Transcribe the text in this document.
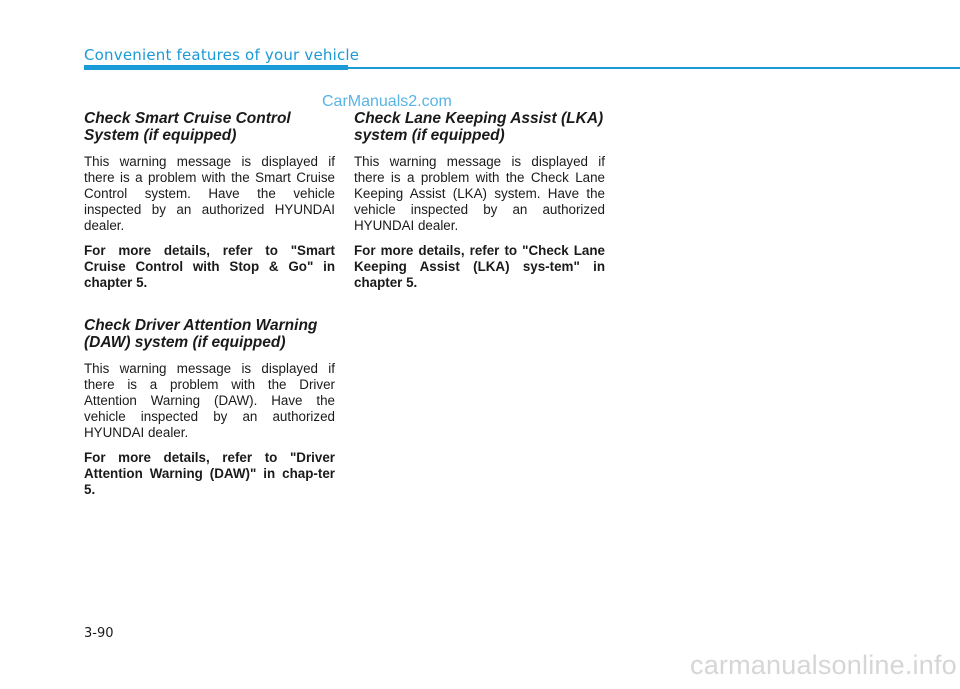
Convenient features of your vehicle
CarManuals2.com
Check Smart Cruise Control System (if equipped)

This warning message is displayed if there is a problem with the Smart Cruise Control system. Have the vehicle inspected by an authorized HYUNDAI dealer.

For more details, refer to "Smart Cruise Control with Stop & Go" in chapter 5.

Check Driver Attention Warning (DAW) system (if equipped)

This warning message is displayed if there is a problem with the Driver Attention Warning (DAW). Have the vehicle inspected by an authorized HYUNDAI dealer.

For more details, refer to "Driver Attention Warning (DAW)" in chap-ter 5.

Check Lane Keeping Assist (LKA) system (if equipped)

This warning message is displayed if there is a problem with the Check Lane Keeping Assist (LKA) system. Have the vehicle inspected by an authorized HYUNDAI dealer.

For more details, refer to "Check Lane Keeping Assist (LKA) sys-tem" in chapter 5.

3-90
carmanualsonline.info
